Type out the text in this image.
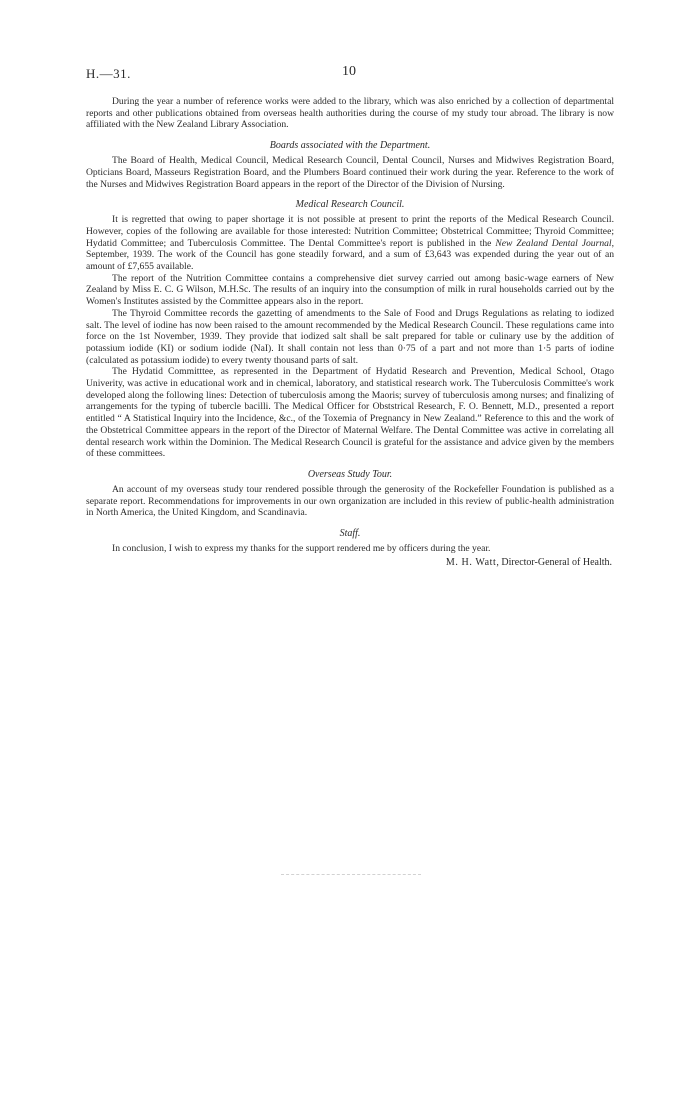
H.—31.	10

During the year a number of reference works were added to the library, which was also enriched by a collection of departmental reports and other publications obtained from overseas health authorities during the course of my study tour abroad. The library is now affiliated with the New Zealand Library Association.

Boards associated with the Department.

The Board of Health, Medical Council, Medical Research Council, Dental Council, Nurses and Midwives Registration Board, Opticians Board, Masseurs Registration Board, and the Plumbers Board continued their work during the year. Reference to the work of the Nurses and Midwives Registration Board appears in the report of the Director of the Division of Nursing.

Medical Research Council.

It is regretted that owing to paper shortage it is not possible at present to print the reports of the Medical Research Council. However, copies of the following are available for those interested: Nutrition Committee; Obstetrical Committee; Thyroid Committee; Hydatid Committee; and Tuberculosis Committee. The Dental Committee's report is published in the New Zealand Dental Journal, September, 1939. The work of the Council has gone steadily forward, and a sum of £3,643 was expended during the year out of an amount of £7,655 available.

The report of the Nutrition Committee contains a comprehensive diet survey carried out among basic-wage earners of New Zealand by Miss E. C. G Wilson, M.H.Sc. The results of an inquiry into the consumption of milk in rural households carried out by the Women's Institutes assisted by the Committee appears also in the report.

The Thyroid Committee records the gazetting of amendments to the Sale of Food and Drugs Regulations as relating to iodized salt. The level of iodine has now been raised to the amount recommended by the Medical Research Council. These regulations came into force on the 1st November, 1939. They provide that iodized salt shall be salt prepared for table or culinary use by the addition of potassium iodide (KI) or sodium iodide (NaI). It shall contain not less than 0·75 of a part and not more than 1·5 parts of iodine (calculated as potassium iodide) to every twenty thousand parts of salt.

The Hydatid Committtee, as represented in the Department of Hydatid Research and Prevention, Medical School, Otago Univerity, was active in educational work and in chemical, laboratory, and statistical research work. The Tuberculosis Committee's work developed along the following lines: Detection of tuberculosis among the Maoris; survey of tuberculosis among nurses; and finalizing of arrangements for the typing of tubercle bacilli. The Medical Officer for Obststrical Research, F. O. Bennett, M.D., presented a report entitled “ A Statistical Inquiry into the Incidence, &c., of the Toxemia of Pregnancy in New Zealand.” Reference to this and the work of the Obstetrical Committee appears in the report of the Director of Maternal Welfare. The Dental Committee was active in correlating all dental research work within the Dominion. The Medical Research Council is grateful for the assistance and advice given by the members of these committees.

Overseas Study Tour.

An account of my overseas study tour rendered possible through the generosity of the Rockefeller Foundation is published as a separate report. Recommendations for improvements in our own organization are included in this review of public-health administration in North America, the United Kingdom, and Scandinavia.

Staff.

In conclusion, I wish to express my thanks for the support rendered me by officers during the year.

M. H. Watt, Director-General of Health.
